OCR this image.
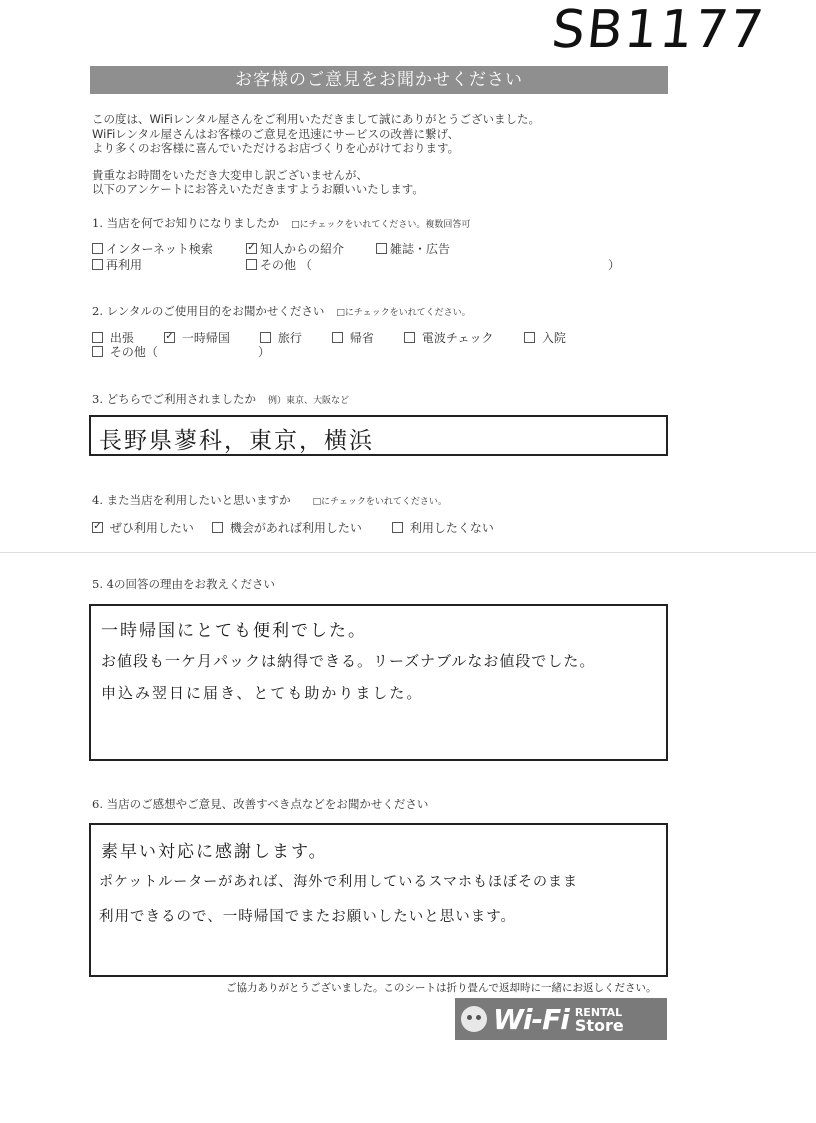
SB1177
お客様のご意見をお聞かせください

この度は、WiFiレンタル屋さんをご利用いただきまして誠にありがとうございました。
WiFiレンタル屋さんはお客様のご意見を迅速にサービスの改善に繋げ、
より多くのお客様に喜んでいただけるお店づくりを心がけております。

貴重なお時間をいただき大変申し訳ございませんが、
以下のアンケートにお答えいただきますようお願いいたします。

1. 当店を何でお知りになりましたか □にチェックをいれてください。複数回答可
インターネット検索	✓ 知人からの紹介	雑誌・広告
再利用	その他 （	）
2. レンタルのご使用目的をお聞かせください □にチェックをいれてください。
出張	✓ 一時帰国	旅行	帰省	電波チェック	入院
その他（	）
3. どちらでご利用されましたか 例）東京、大阪など
長野県蓼科，東京，横浜
4. また当店を利用したいと思いますか □にチェックをいれてください。
✓ ぜひ利用したい	機会があれば利用したい	利用したくない
5. 4の回答の理由をお教えください
一時帰国にとても便利でした。
お値段も一ケ月パックは納得できる。リーズナブルなお値段でした。
申込み翌日に届き、とても助かりました。
6. 当店のご感想やご意見、改善すべき点などをお聞かせください
素早い対応に感謝します。
ポケットルーターがあれば、海外で利用しているスマホもほぼそのまま
利用できるので、一時帰国でまたお願いしたいと思います。
ご協力ありがとうございました。このシートは折り畳んで返却時に一緒にお返しください。
Wi-Fi RENTAL
Store
